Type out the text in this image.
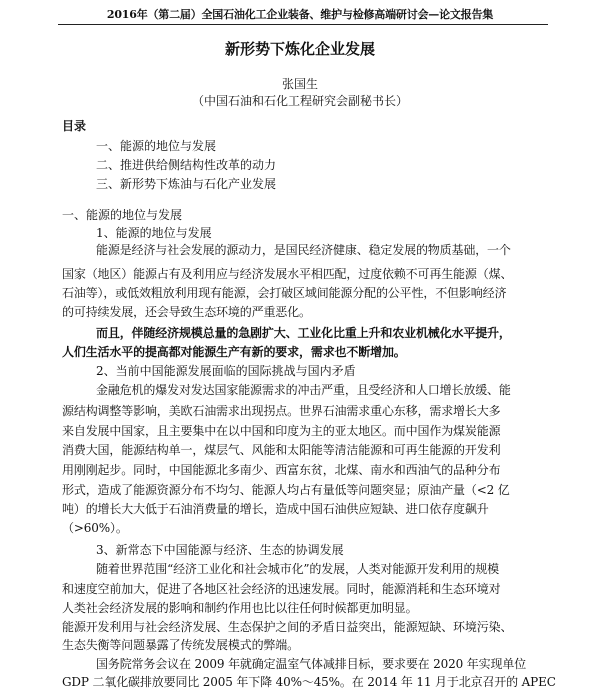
2016年（第二届）全国石油化工企业装备、维护与检修高端研讨会—论文报告集
新形势下炼化企业发展
张国生
（中国石油和石化工程研究会副秘书长）
目录
一、能源的地位与发展
二、推进供给侧结构性改革的动力
三、新形势下炼油与石化产业发展
一、能源的地位与发展
1、能源的地位与发展
能源是经济与社会发展的源动力，是国民经济健康、稳定发展的物质基础，一个
国家（地区）能源占有及利用应与经济发展水平相匹配，过度依赖不可再生能源（煤、
石油等），或低效粗放利用现有能源，会打破区域间能源分配的公平性，不但影响经济
的可持续发展，还会导致生态环境的严重恶化。
而且，伴随经济规模总量的急剧扩大、工业化比重上升和农业机械化水平提升，
人们生活水平的提高都对能源生产有新的要求，需求也不断增加。
2、当前中国能源发展面临的国际挑战与国内矛盾
金融危机的爆发对发达国家能源需求的冲击严重，且受经济和人口增长放缓、能
源结构调整等影响，美欧石油需求出现拐点。世界石油需求重心东移，需求增长大多
来自发展中国家，且主要集中在以中国和印度为主的亚太地区。而中国作为煤炭能源
消费大国，能源结构单一，煤层气、风能和太阳能等清洁能源和可再生能源的开发利
用刚刚起步。同时，中国能源北多南少、西富东贫，北煤、南水和西油气的品种分布
形式，造成了能源资源分布不均匀、能源人均占有量低等问题突显；原油产量（<2 亿
吨）的增长大大低于石油消费量的增长，造成中国石油供应短缺、进口依存度飙升
（>60%）。
3、新常态下中国能源与经济、生态的协调发展
随着世界范围“经济工业化和社会城市化”的发展，人类对能源开发利用的规模
和速度空前加大，促进了各地区社会经济的迅速发展。同时，能源消耗和生态环境对
人类社会经济发展的影响和制约作用也比以往任何时候都更加明显。
能源开发利用与社会经济发展、生态保护之间的矛盾日益突出，能源短缺、环境污染、
生态失衡等问题暴露了传统发展模式的弊端。
国务院常务会议在 2009 年就确定温室气体减排目标，要求要在 2020 年实现单位
GDP 二氧化碳排放要同比 2005 年下降 40%～45%。在 2014 年 11 月于北京召开的 APEC
